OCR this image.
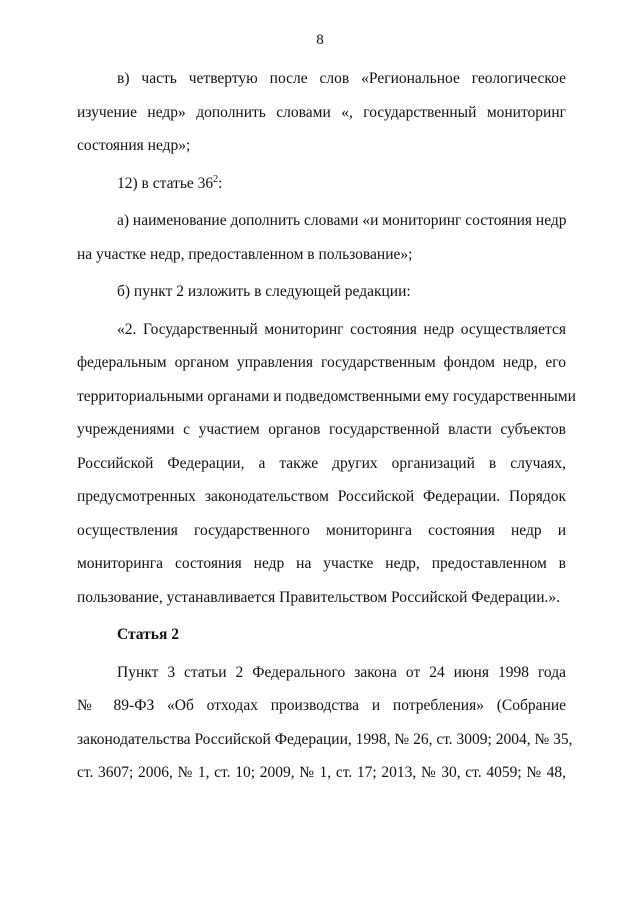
8
в) часть четвертую после слов «Региональное геологическое
изучение недр» дополнить словами «, государственный мониторинг
состояния недр»;
12) в статье $36^2$:
а) наименование дополнить словами «и мониторинг состояния недр
на участке недр, предоставленном в пользование»;
б) пункт 2 изложить в следующей редакции:
«2. Государственный мониторинг состояния недр осуществляется
федеральным органом управления государственным фондом недр, его
территориальными органами и подведомственными ему государственными
учреждениями с участием органов государственной власти субъектов
Российской Федерации, а также других организаций в случаях,
предусмотренных законодательством Российской Федерации. Порядок
осуществления государственного мониторинга состояния недр и
мониторинга состояния недр на участке недр, предоставленном в
пользование, устанавливается Правительством Российской Федерации.».
Статья 2
Пункт 3 статьи 2 Федерального закона от 24 июня 1998 года
№ 89-ФЗ «Об отходах производства и потребления» (Собрание
законодательства Российской Федерации, 1998, № 26, ст. 3009; 2004, № 35,
ст. 3607; 2006, № 1, ст. 10; 2009, № 1, ст. 17; 2013, № 30, ст. 4059; № 48,
